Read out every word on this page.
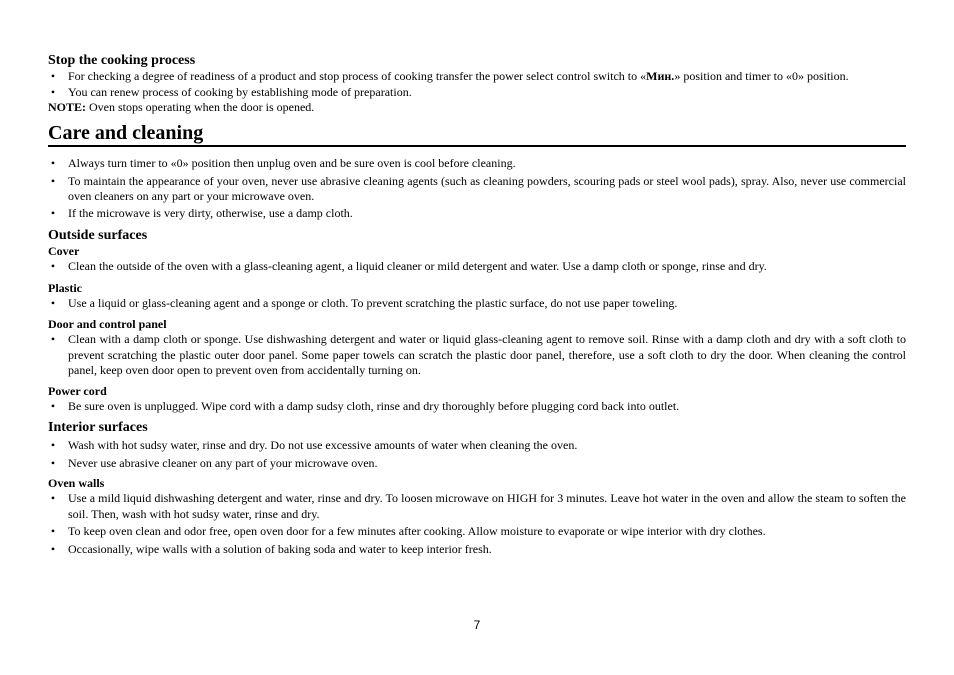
Stop the cooking process
• For checking a degree of readiness of a product and stop process of cooking transfer the power select control switch to «Мин.» position and timer to «0» position.
• You can renew process of cooking by establishing mode of preparation.

NOTE: Oven stops operating when the door is opened.

Care and cleaning
• Always turn timer to «0» position then unplug oven and be sure oven is cool before cleaning.
• To maintain the appearance of your oven, never use abrasive cleaning agents (such as cleaning powders, scouring pads or steel wool pads), spray. Also, never use commercial oven cleaners on any part or your microwave oven.
• If the microwave is very dirty, otherwise, use a damp cloth.
Outside surfaces
Cover
• Clean the outside of the oven with a glass-cleaning agent, a liquid cleaner or mild detergent and water. Use a damp cloth or sponge, rinse and dry.
Plastic
• Use a liquid or glass-cleaning agent and a sponge or cloth. To prevent scratching the plastic surface, do not use paper toweling.
Door and control panel
• Clean with a damp cloth or sponge. Use dishwashing detergent and water or liquid glass-cleaning agent to remove soil. Rinse with a damp cloth and dry with a soft cloth to prevent scratching the plastic outer door panel. Some paper towels can scratch the plastic door panel, therefore, use a soft cloth to dry the door. When cleaning the control panel, keep oven door open to prevent oven from accidentally turning on.
Power cord
• Be sure oven is unplugged. Wipe cord with a damp sudsy cloth, rinse and dry thoroughly before plugging cord back into outlet.
Interior surfaces
• Wash with hot sudsy water, rinse and dry. Do not use excessive amounts of water when cleaning the oven.
• Never use abrasive cleaner on any part of your microwave oven.
Oven walls
• Use a mild liquid dishwashing detergent and water, rinse and dry. To loosen microwave on HIGH for 3 minutes. Leave hot water in the oven and allow the steam to soften the soil. Then, wash with hot sudsy water, rinse and dry.
• To keep oven clean and odor free, open oven door for a few minutes after cooking. Allow moisture to evaporate or wipe interior with dry clothes.
• Occasionally, wipe walls with a solution of baking soda and water to keep interior fresh.
7
